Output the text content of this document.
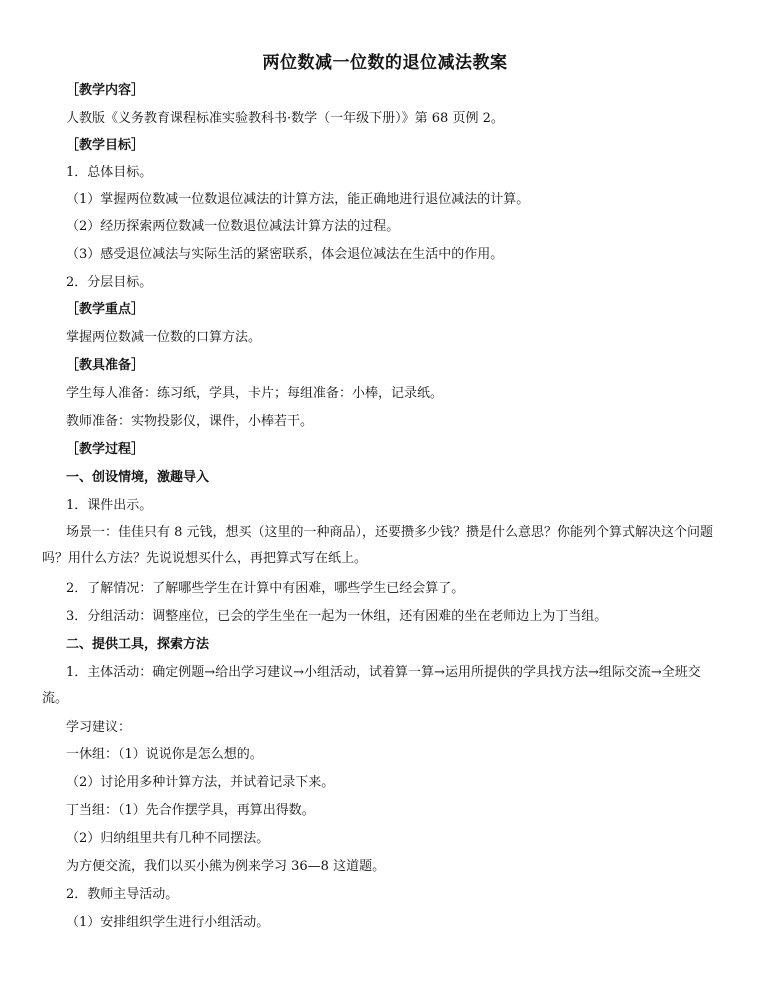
两位数减一位数的退位减法教案
［教学内容］
人教版《义务教育课程标准实验教科书·数学（一年级下册）》第 68 页例 2。
［教学目标］
1．总体目标。
（1）掌握两位数减一位数退位减法的计算方法，能正确地进行退位减法的计算。
（2）经历探索两位数减一位数退位减法计算方法的过程。
（3）感受退位减法与实际生活的紧密联系，体会退位减法在生活中的作用。
2．分层目标。
［教学重点］
掌握两位数减一位数的口算方法。
［教具准备］
学生每人准备：练习纸，学具，卡片；每组准备：小棒，记录纸。
教师准备：实物投影仪，课件，小棒若干。
［教学过程］
一、创设情境，激趣导入
1．课件出示。
场景一：佳佳只有 8 元钱，想买（这里的一种商品），还要攒多少钱？攒是什么意思？你能列个算式解决这个问题吗？用什么方法？先说说想买什么，再把算式写在纸上。
2．了解情况：了解哪些学生在计算中有困难，哪些学生已经会算了。
3．分组活动：调整座位，已会的学生坐在一起为一休组，还有困难的坐在老师边上为丁当组。
二、提供工具，探索方法
1．主体活动：确定例题→给出学习建议→小组活动，试着算一算→运用所提供的学具找方法→组际交流→全班交流。
学习建议：
一休组：（1）说说你是怎么想的。
（2）讨论用多种计算方法，并试着记录下来。
丁当组：（1）先合作摆学具，再算出得数。
（2）归纳组里共有几种不同摆法。
为方便交流，我们以买小熊为例来学习 36—8 这道题。
2．教师主导活动。
（1）安排组织学生进行小组活动。
